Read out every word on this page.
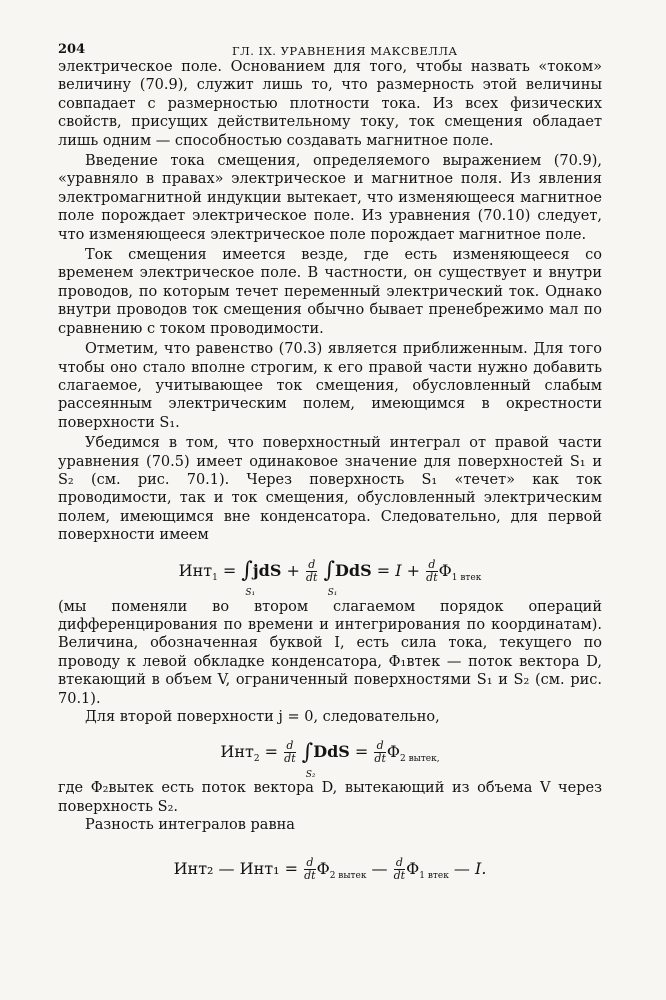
204	ГЛ. IX. УРАВНЕНИЯ МАКСВЕЛЛА

электрическое поле. Основанием для того, чтобы назвать «током» величину (70.9), служит лишь то, что размерность этой величины совпадает с размерностью плотности тока. Из всех физических свойств, присущих действительному току, ток смещения обладает лишь одним — способностью создавать магнитное поле.

Введение тока смещения, определяемого выражением (70.9), «уравняло в правах» электрическое и магнитное поля. Из явления электромагнитной индукции вытекает, что изменяющееся магнитное поле порождает электрическое поле. Из уравнения (70.10) следует, что изменяющееся электрическое поле порождает магнитное поле.

Ток смещения имеется везде, где есть изменяющееся со временем электрическое поле. В частности, он существует и внутри проводов, по которым течет переменный электрический ток. Однако внутри проводов ток смещения обычно бывает пренебрежимо мал по сравнению с током проводимости.

Отметим, что равенство (70.3) является приближенным. Для того чтобы оно стало вполне строгим, к его правой части нужно добавить слагаемое, учитывающее ток смещения, обусловленный слабым рассеянным электрическим полем, имеющимся в окрестности поверхности S₁.

Убедимся в том, что поверхностный интеграл от правой части уравнения (70.5) имеет одинаковое значение для поверхностей S₁ и S₂ (см. рис. 70.1). Через поверхность S₁ «течет» как ток проводимости, так и ток смещения, обусловленный электрическим полем, имеющимся вне конденсатора. Следовательно, для первой поверхности имеем

Инт$_1$ = ∫
S₁
jdS + $\frac{d}{dt}$ ∫
S₁
DdS = $I + \frac{d}{dt} \Phi_{1 втек}$

(мы поменяли во втором слагаемом порядок операций дифференцирования по времени и интегрирования по координатам). Величина, обозначенная буквой I, есть сила тока, текущего по проводу к левой обкладке конденсатора, Φ₁втек — поток вектора D, втекающий в объем V, ограниченный поверхностями S₁ и S₂ (см. рис. 70.1).

Для второй поверхности j = 0, следовательно,

$Инт_2 = \frac{d}{dt}$ ∫
S₂
DdS = $\frac{d}{dt} \Phi_{2 вытек,}$

где Φ₂вытек есть поток вектора D, вытекающий из объема V через поверхность S₂.

Разность интегралов равна

Инт₂ — $Инт_1 = \frac{d}{dt} \Phi_{2 вытек}$ — $\frac{d}{dt} \Phi_{1 втек}$ — I.
